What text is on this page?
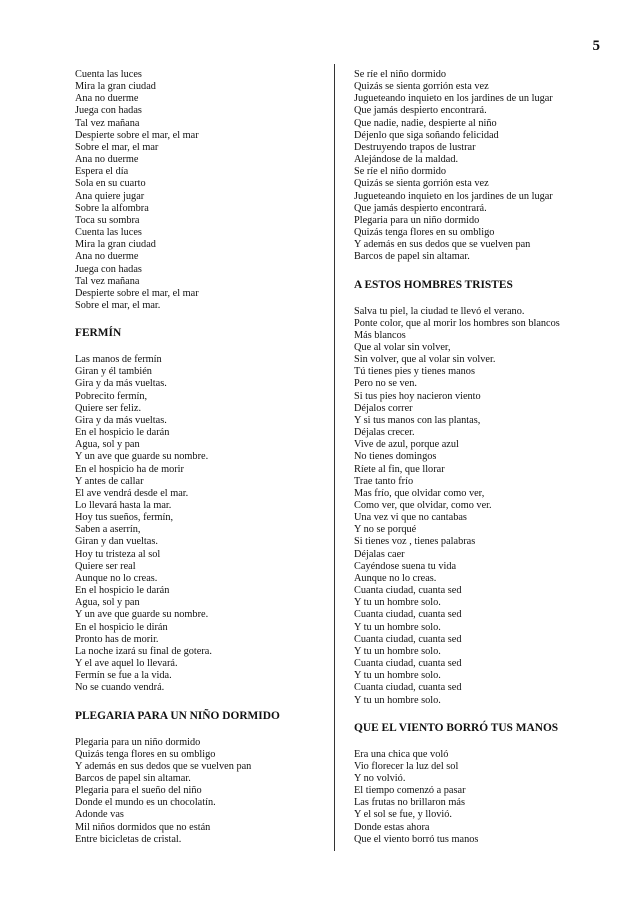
5
Cuenta las luces
Mira la gran ciudad
Ana no duerme
Juega con hadas
Tal vez mañana
Despierte sobre el mar, el mar
Sobre el mar, el mar
Ana no duerme
Espera el día
Sola en su cuarto
Ana quiere jugar
Sobre la alfombra
Toca su sombra
Cuenta las luces
Mira la gran ciudad
Ana no duerme
Juega con hadas
Tal vez mañana
Despierte sobre el mar, el mar
Sobre el mar, el mar.
FERMÍN
Las manos de fermín
Giran y él también
Gira y da más vueltas.
Pobrecito fermín,
Quiere ser feliz.
Gira y da más vueltas.
En el hospicio le darán
Agua, sol y pan
Y un ave que guarde su nombre.
En el hospicio ha de morir
Y antes de callar
El ave vendrá desde el mar.
Lo llevará hasta la mar.
Hoy tus sueños, fermín,
Saben a aserrín,
Giran y dan vueltas.
Hoy tu tristeza al sol
Quiere ser real
Aunque no lo creas.
En el hospicio le darán
Agua, sol y pan
Y un ave que guarde su nombre.
En el hospicio le dirán
Pronto has de morir.
La noche izará su final de gotera.
Y el ave aquel lo llevará.
Fermín se fue a la vida.
No se cuando vendrá.
PLEGARIA PARA UN NIÑO DORMIDO
Plegaria para un niño dormido
Quizás tenga flores en su ombligo
Y además en sus dedos que se vuelven pan
Barcos de papel sin altamar.
Plegaria para el sueño del niño
Donde el mundo es un chocolatín.
Adonde vas
Mil niños dormidos que no están
Entre bicicletas de cristal.
Se ríe el niño dormido
Quizás se sienta gorrión esta vez
Jugueteando inquieto en los jardines de un lugar
Que jamás despierto encontrará.
Que nadie, nadie, despierte al niño
Déjenlo que siga soñando felicidad
Destruyendo trapos de lustrar
Alejándose de la maldad.
Se ríe el niño dormido
Quizás se sienta gorrión esta vez
Jugueteando inquieto en los jardines de un lugar
Que jamás despierto encontrará.
Plegaria para un niño dormido
Quizás tenga flores en su ombligo
Y además en sus dedos que se vuelven pan
Barcos de papel sin altamar.
A ESTOS HOMBRES TRISTES
Salva tu piel, la ciudad te llevó el verano.
Ponte color, que al morir los hombres son blancos
Más blancos
Que al volar sin volver,
Sin volver, que al volar sin volver.
Tú tienes pies y tienes manos
Pero no se ven.
Si tus pies hoy nacieron viento
Déjalos correr
Y si tus manos con las plantas,
Déjalas crecer.
Vive de azul, porque azul
No tienes domingos
Ríete al fin, que llorar
Trae tanto frío
Mas frío, que olvidar como ver,
Como ver, que olvidar, como ver.
Una vez vi que no cantabas
Y no se porqué
Si tienes voz , tienes palabras
Déjalas caer
Cayéndose suena tu vida
Aunque no lo creas.
Cuanta ciudad, cuanta sed
Y tu un hombre solo.
Cuanta ciudad, cuanta sed
Y tu un hombre solo.
Cuanta ciudad, cuanta sed
Y tu un hombre solo.
Cuanta ciudad, cuanta sed
Y tu un hombre solo.
Cuanta ciudad, cuanta sed
Y tu un hombre solo.
QUE EL VIENTO BORRÓ TUS MANOS
Era una chica que voló
Vio florecer la luz del sol
Y no volvió.
El tiempo comenzó a pasar
Las frutas no brillaron más
Y el sol se fue, y llovió.
Donde estas ahora
Que el viento borró tus manos
